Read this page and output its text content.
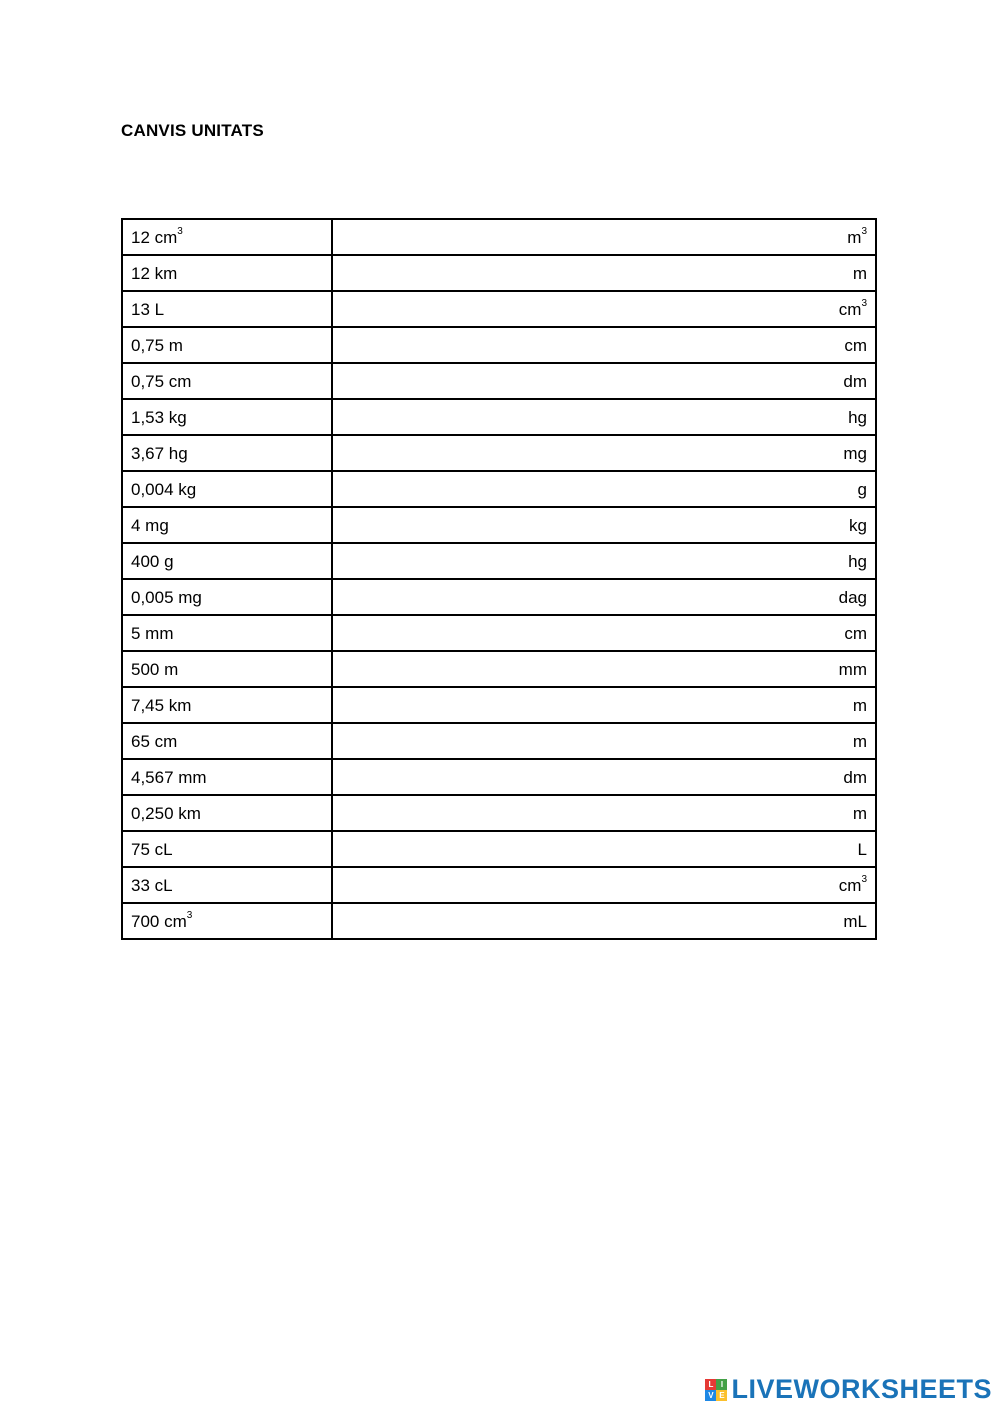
CANVIS UNITATS
12 $cm^3$	$m^3$
12 km	m
13 L	$cm^3$
0,75 m	cm
0,75 cm	dm
1,53 kg	hg
3,67 hg	mg
0,004 kg	g
4 mg	kg
400 g	hg
0,005 mg	dag
5 mm	cm
500 m	mm
7,45 km	m
65 cm	m
4,567 mm	dm
0,250 km	m
75 cL	L
33 cL	$cm^3$
700 $cm^3$	mL
L I
V E LIVEWORKSHEETS
